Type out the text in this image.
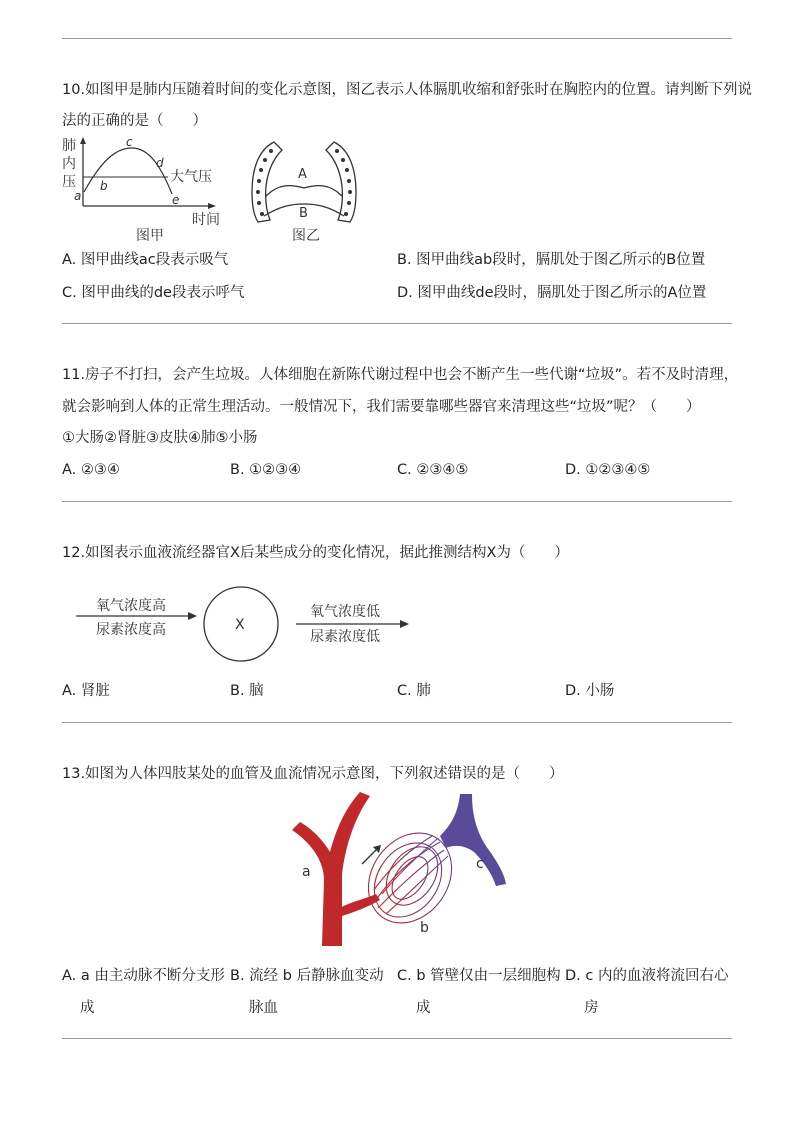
10.如图甲是肺内压随着时间的变化示意图，图乙表示人体膈肌收缩和舒张时在胸腔内的位置。请判断下列说
法的正确的是（　　）
肺
内
压
a
b
c
d
e
大气压
时间
图甲
A
B
图乙
A. 图甲曲线ac段表示吸气	B. 图甲曲线ab段时，膈肌处于图乙所示的B位置
C. 图甲曲线的de段表示呼气	D. 图甲曲线de段时，膈肌处于图乙所示的A位置
11.房子不打扫，会产生垃圾。人体细胞在新陈代谢过程中也会不断产生一些代谢“垃圾”。若不及时清理，
就会影响到人体的正常生理活动。一般情况下，我们需要靠哪些器官来清理这些“垃圾”呢？（　　）
①大肠②肾脏③皮肤④肺⑤小肠
A. ②③④	B. ①②③④	C. ②③④⑤	D. ①②③④⑤
12.如图表示血液流经器官X后某些成分的变化情况，据此推测结构X为（　　）
氧气浓度高
尿素浓度高	X
氧气浓度低
尿素浓度低
A. 肾脏	B. 脑	C. 肺	D. 小肠
13.如图为人体四肢某处的血管及血流情况示意图，下列叙述错误的是（　　）
a
b
c
A. a 由主动脉不断分支形
成
B. 流经 b 后静脉血变动
脉血
C. b 管壁仅由一层细胞构
成
D. c 内的血液将流回右心
房
